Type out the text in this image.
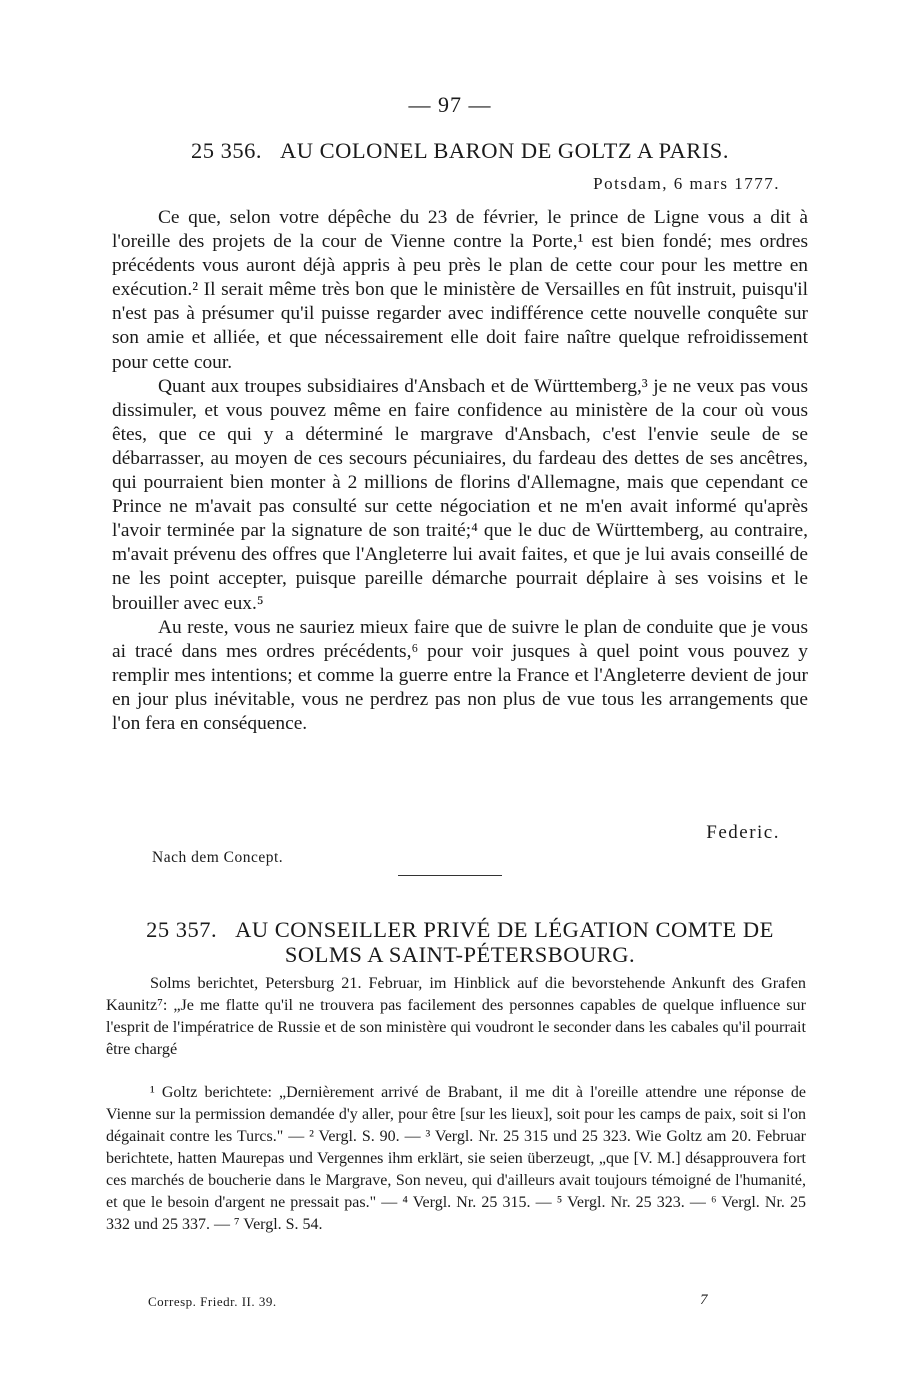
— 97 —
25 356. AU COLONEL BARON DE GOLTZ A PARIS.
Potsdam, 6 mars 1777.

Ce que, selon votre dépêche du 23 de février, le prince de Ligne vous a dit à l'oreille des projets de la cour de Vienne contre la Porte,¹ est bien fondé; mes ordres précédents vous auront déjà appris à peu près le plan de cette cour pour les mettre en exécution.² Il serait même très bon que le ministère de Versailles en fût instruit, puisqu'il n'est pas à présumer qu'il puisse regarder avec indifférence cette nouvelle conquête sur son amie et alliée, et que nécessairement elle doit faire naître quelque refroidissement pour cette cour.

Quant aux troupes subsidiaires d'Ansbach et de Württemberg,³ je ne veux pas vous dissimuler, et vous pouvez même en faire confidence au ministère de la cour où vous êtes, que ce qui y a déterminé le margrave d'Ansbach, c'est l'envie seule de se débarrasser, au moyen de ces secours pécuniaires, du fardeau des dettes de ses ancêtres, qui pourraient bien monter à 2 millions de florins d'Allemagne, mais que cependant ce Prince ne m'avait pas consulté sur cette négociation et ne m'en avait informé qu'après l'avoir terminée par la signature de son traité;⁴ que le duc de Württemberg, au contraire, m'avait prévenu des offres que l'Angleterre lui avait faites, et que je lui avais conseillé de ne les point accepter, puisque pareille démarche pourrait déplaire à ses voisins et le brouiller avec eux.⁵

Au reste, vous ne sauriez mieux faire que de suivre le plan de conduite que je vous ai tracé dans mes ordres précédents,⁶ pour voir jusques à quel point vous pouvez y remplir mes intentions; et comme la guerre entre la France et l'Angleterre devient de jour en jour plus inévitable, vous ne perdrez pas non plus de vue tous les arrangements que l'on fera en conséquence.

Federic.
Nach dem Concept.
25 357. AU CONSEILLER PRIVÉ DE LÉGATION COMTE DE
SOLMS A SAINT-PÉTERSBOURG.

Solms berichtet, Petersburg 21. Februar, im Hinblick auf die bevorstehende Ankunft des Grafen Kaunitz⁷: „Je me flatte qu'il ne trouvera pas facilement des personnes capables de quelque influence sur l'esprit de l'impératrice de Russie et de son ministère qui voudront le seconder dans les cabales qu'il pourrait être chargé

¹ Goltz berichtete: „Dernièrement arrivé de Brabant, il me dit à l'oreille attendre une réponse de Vienne sur la permission demandée d'y aller, pour être [sur les lieux], soit pour les camps de paix, soit si l'on dégainait contre les Turcs." — ² Vergl. S. 90. — ³ Vergl. Nr. 25 315 und 25 323. Wie Goltz am 20. Februar berichtete, hatten Maurepas und Vergennes ihm erklärt, sie seien überzeugt, „que [V. M.] désapprouvera fort ces marchés de boucherie dans le Margrave, Son neveu, qui d'ailleurs avait toujours témoigné de l'humanité, et que le besoin d'argent ne pressait pas." — ⁴ Vergl. Nr. 25 315. — ⁵ Vergl. Nr. 25 323. — ⁶ Vergl. Nr. 25 332 und 25 337. — ⁷ Vergl. S. 54.

Corresp. Friedr. II. 39.	7
